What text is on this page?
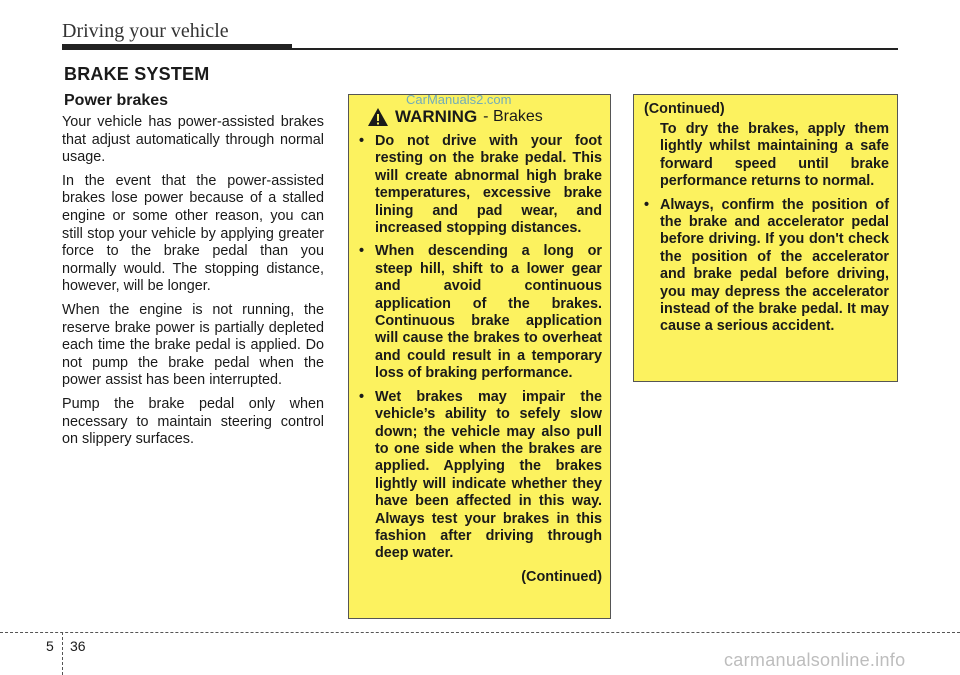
Driving your vehicle
BRAKE SYSTEM
Power brakes

Your vehicle has power-assisted brakes that adjust automatically through normal usage.

In the event that the power-assisted brakes lose power because of a stalled engine or some other reason, you can still stop your vehicle by applying greater force to the brake pedal than you normally would. The stopping distance, however, will be longer.

When the engine is not running, the reserve brake power is partially depleted each time the brake pedal is applied. Do not pump the brake pedal when the power assist has been interrupted.

Pump the brake pedal only when necessary to maintain steering control on slippery surfaces.

WARNING - Brakes
• Do not drive with your foot resting on the brake pedal. This will create abnormal high brake temperatures, excessive brake lining and pad wear, and increased stopping distances.
• When descending a long or steep hill, shift to a lower gear and avoid continuous application of the brakes. Continuous brake application will cause the brakes to overheat and could result in a temporary loss of braking performance.
• Wet brakes may impair the vehicle’s ability to sefely slow down; the vehicle may also pull to one side when the brakes are applied. Applying the brakes lightly will indicate whether they have been affected in this way. Always test your brakes in this fashion after driving through deep water.
(Continued)
(Continued)
To dry the brakes, apply them lightly whilst maintaining a safe forward speed until brake performance returns to normal.
• Always, confirm the position of the brake and accelerator pedal before driving. If you don't check the position of the accelerator and brake pedal before driving, you may depress the accelerator instead of the brake pedal. It may cause a serious accident.
CarManuals2.com
5 36
carmanualsonline.info
